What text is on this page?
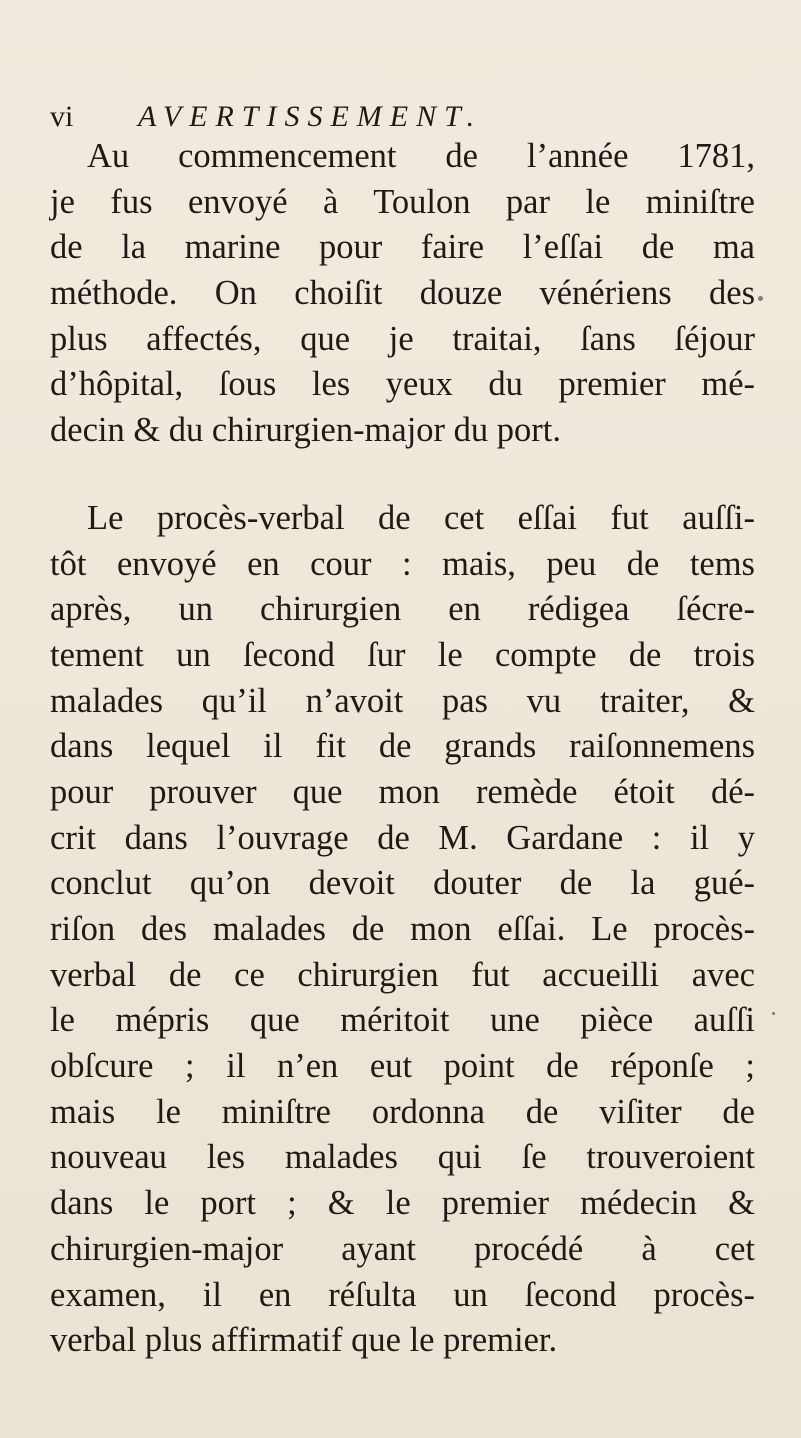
vi AVERTISSEMENT.
Au commencement de l’année 1781,
je fus envoyé à Toulon par le miniſtre
de la marine pour faire l’eſſai de ma
méthode. On choiſit douze vénériens des
plus affectés, que je traitai, ſans ſéjour
d’hôpital, ſous les yeux du premier mé-
decin & du chirurgien-major du port.
Le procès-verbal de cet eſſai fut auſſi-
tôt envoyé en cour : mais, peu de tems
après, un chirurgien en rédigea ſécre-
tement un ſecond ſur le compte de trois
malades qu’il n’avoit pas vu traiter, &
dans lequel il fit de grands raiſonnemens
pour prouver que mon remède étoit dé-
crit dans l’ouvrage de M. Gardane : il y
conclut qu’on devoit douter de la gué-
riſon des malades de mon eſſai. Le procès-
verbal de ce chirurgien fut accueilli avec
le mépris que méritoit une pièce auſſi
obſcure ; il n’en eut point de réponſe ;
mais le miniſtre ordonna de viſiter de
nouveau les malades qui ſe trouveroient
dans le port ; & le premier médecin &
chirurgien-major ayant procédé à cet
examen, il en réſulta un ſecond procès-
verbal plus affirmatif que le premier.
